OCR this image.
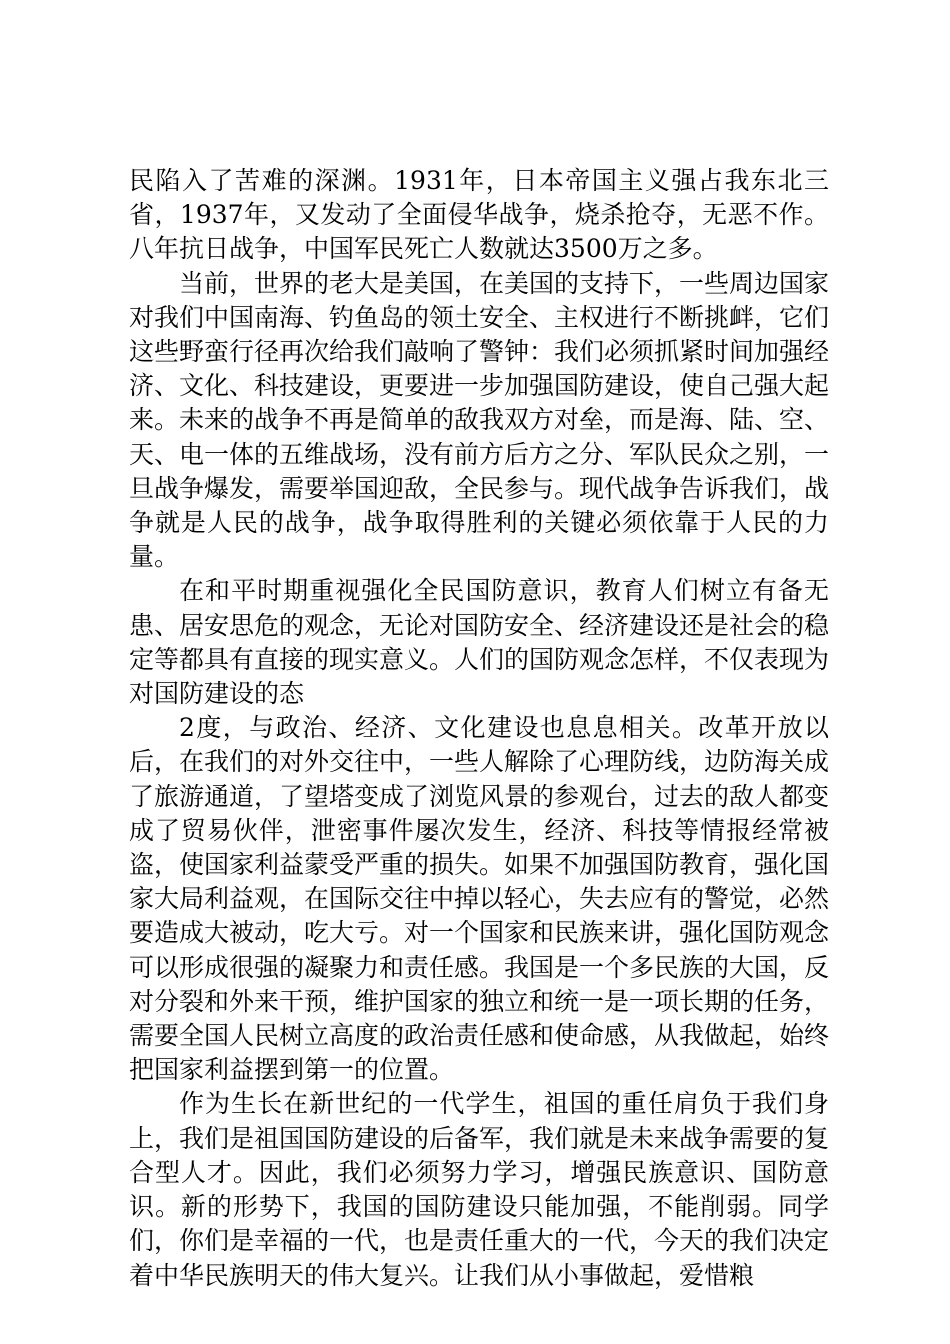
民陷入了苦难的深渊。1931年，日本帝国主义强占我东北三省，1937年，又发动了全面侵华战争，烧杀抢夺，无恶不作。八年抗日战争，中国军民死亡人数就达3500万之多。

当前，世界的老大是美国，在美国的支持下，一些周边国家对我们中国南海、钓鱼岛的领土安全、主权进行不断挑衅，它们这些野蛮行径再次给我们敲响了警钟：我们必须抓紧时间加强经济、文化、科技建设，更要进一步加强国防建设，使自己强大起来。未来的战争不再是简单的敌我双方对垒，而是海、陆、空、天、电一体的五维战场，没有前方后方之分、军队民众之别，一旦战争爆发，需要举国迎敌，全民参与。现代战争告诉我们，战争就是人民的战争，战争取得胜利的关键必须依靠于人民的力量。

在和平时期重视强化全民国防意识，教育人们树立有备无患、居安思危的观念，无论对国防安全、经济建设还是社会的稳定等都具有直接的现实意义。人们的国防观念怎样，不仅表现为对国防建设的态

2度，与政治、经济、文化建设也息息相关。改革开放以后，在我们的对外交往中，一些人解除了心理防线，边防海关成了旅游通道，了望塔变成了浏览风景的参观台，过去的敌人都变成了贸易伙伴，泄密事件屡次发生，经济、科技等情报经常被盗，使国家利益蒙受严重的损失。如果不加强国防教育，强化国家大局利益观，在国际交往中掉以轻心，失去应有的警觉，必然要造成大被动，吃大亏。对一个国家和民族来讲，强化国防观念可以形成很强的凝聚力和责任感。我国是一个多民族的大国，反对分裂和外来干预，维护国家的独立和统一是一项长期的任务，需要全国人民树立高度的政治责任感和使命感，从我做起，始终把国家利益摆到第一的位置。

作为生长在新世纪的一代学生，祖国的重任肩负于我们身上，我们是祖国国防建设的后备军，我们就是未来战争需要的复合型人才。因此，我们必须努力学习，增强民族意识、国防意识。新的形势下，我国的国防建设只能加强，不能削弱。同学们，你们是幸福的一代，也是责任重大的一代，今天的我们决定着中华民族明天的伟大复兴。让我们从小事做起，爱惜粮
